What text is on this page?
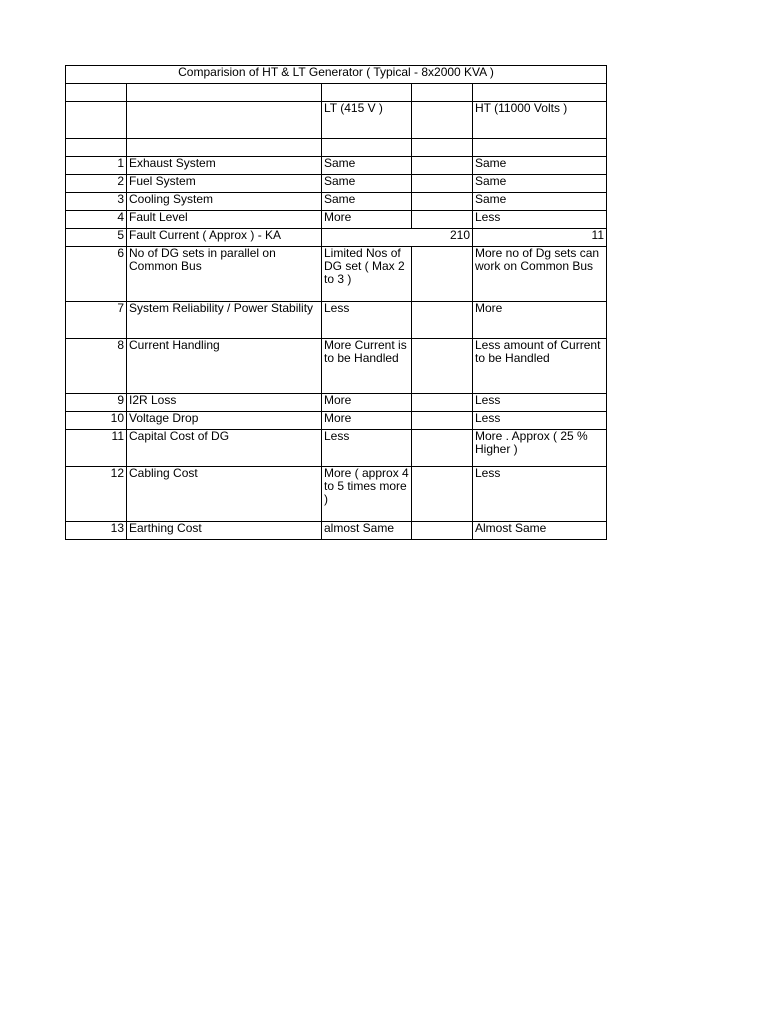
Comparision of HT & LT Generator ( Typical - 8x2000 KVA )				

		LT (415 V )		HT (11000 Volts )

1	Exhaust System	Same		Same
2	Fuel System	Same		Same
3	Cooling System	Same		Same
4	Fault Level	More		Less
5	Fault Current ( Approx ) - KA	210		11
6	No of DG sets in parallel on Common Bus	Limited Nos of DG set ( Max 2 to 3 )		More no of Dg sets can work on Common Bus
7	System Reliability / Power Stability	Less		More
8	Current Handling	More Current is to be Handled		Less amount of Current to be Handled
9	I2R Loss	More		Less
10	Voltage Drop	More		Less
11	Capital Cost of DG	Less		More . Approx ( 25 % Higher )
12	Cabling Cost	More ( approx 4 to 5 times more )		Less
13	Earthing Cost	almost Same		Almost Same
